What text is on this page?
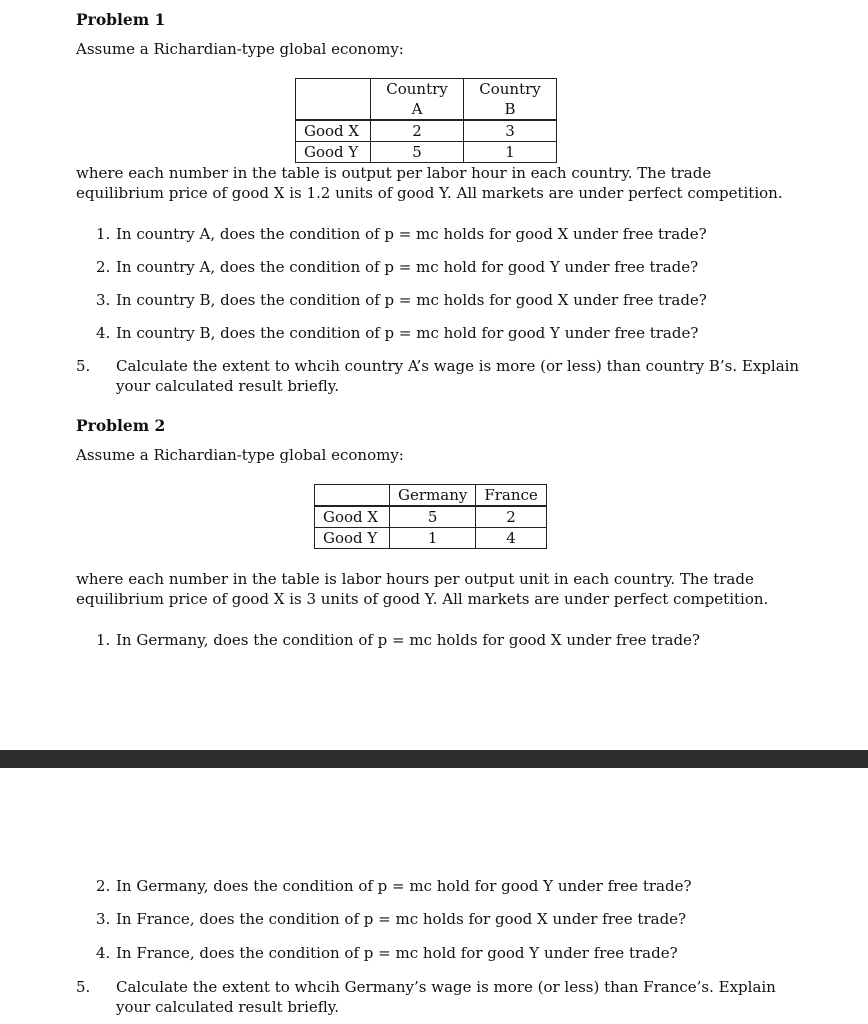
Problem 1
Assume a Richardian-type global economy:
	Country A	Country B
Good X	2	3
Good Y	5	1
where each number in the table is output per labor hour in each country. The trade equilibrium price of good X is 1.2 units of good Y. All markets are under perfect competition.
1. In country A, does the condition of p = mc holds for good X under free trade?
2. In country A, does the condition of p = mc hold for good Y under free trade?
3. In country B, does the condition of p = mc holds for good X under free trade?
4. In country B, does the condition of p = mc hold for good Y under free trade?
5. Calculate the extent to whcih country A’s wage is more (or less) than country B’s. Explain your calculated result briefly.
Problem 2
Assume a Richardian-type global economy:
	Germany	France
Good X	5	2
Good Y	1	4
where each number in the table is labor hours per output unit in each country. The trade equilibrium price of good X is 3 units of good Y. All markets are under perfect competition.
1. In Germany, does the condition of p = mc holds for good X under free trade?
2. In Germany, does the condition of p = mc hold for good Y under free trade?
3. In France, does the condition of p = mc holds for good X under free trade?
4. In France, does the condition of p = mc hold for good Y under free trade?
5. Calculate the extent to whcih Germany’s wage is more (or less) than France’s. Explain your calculated result briefly.
